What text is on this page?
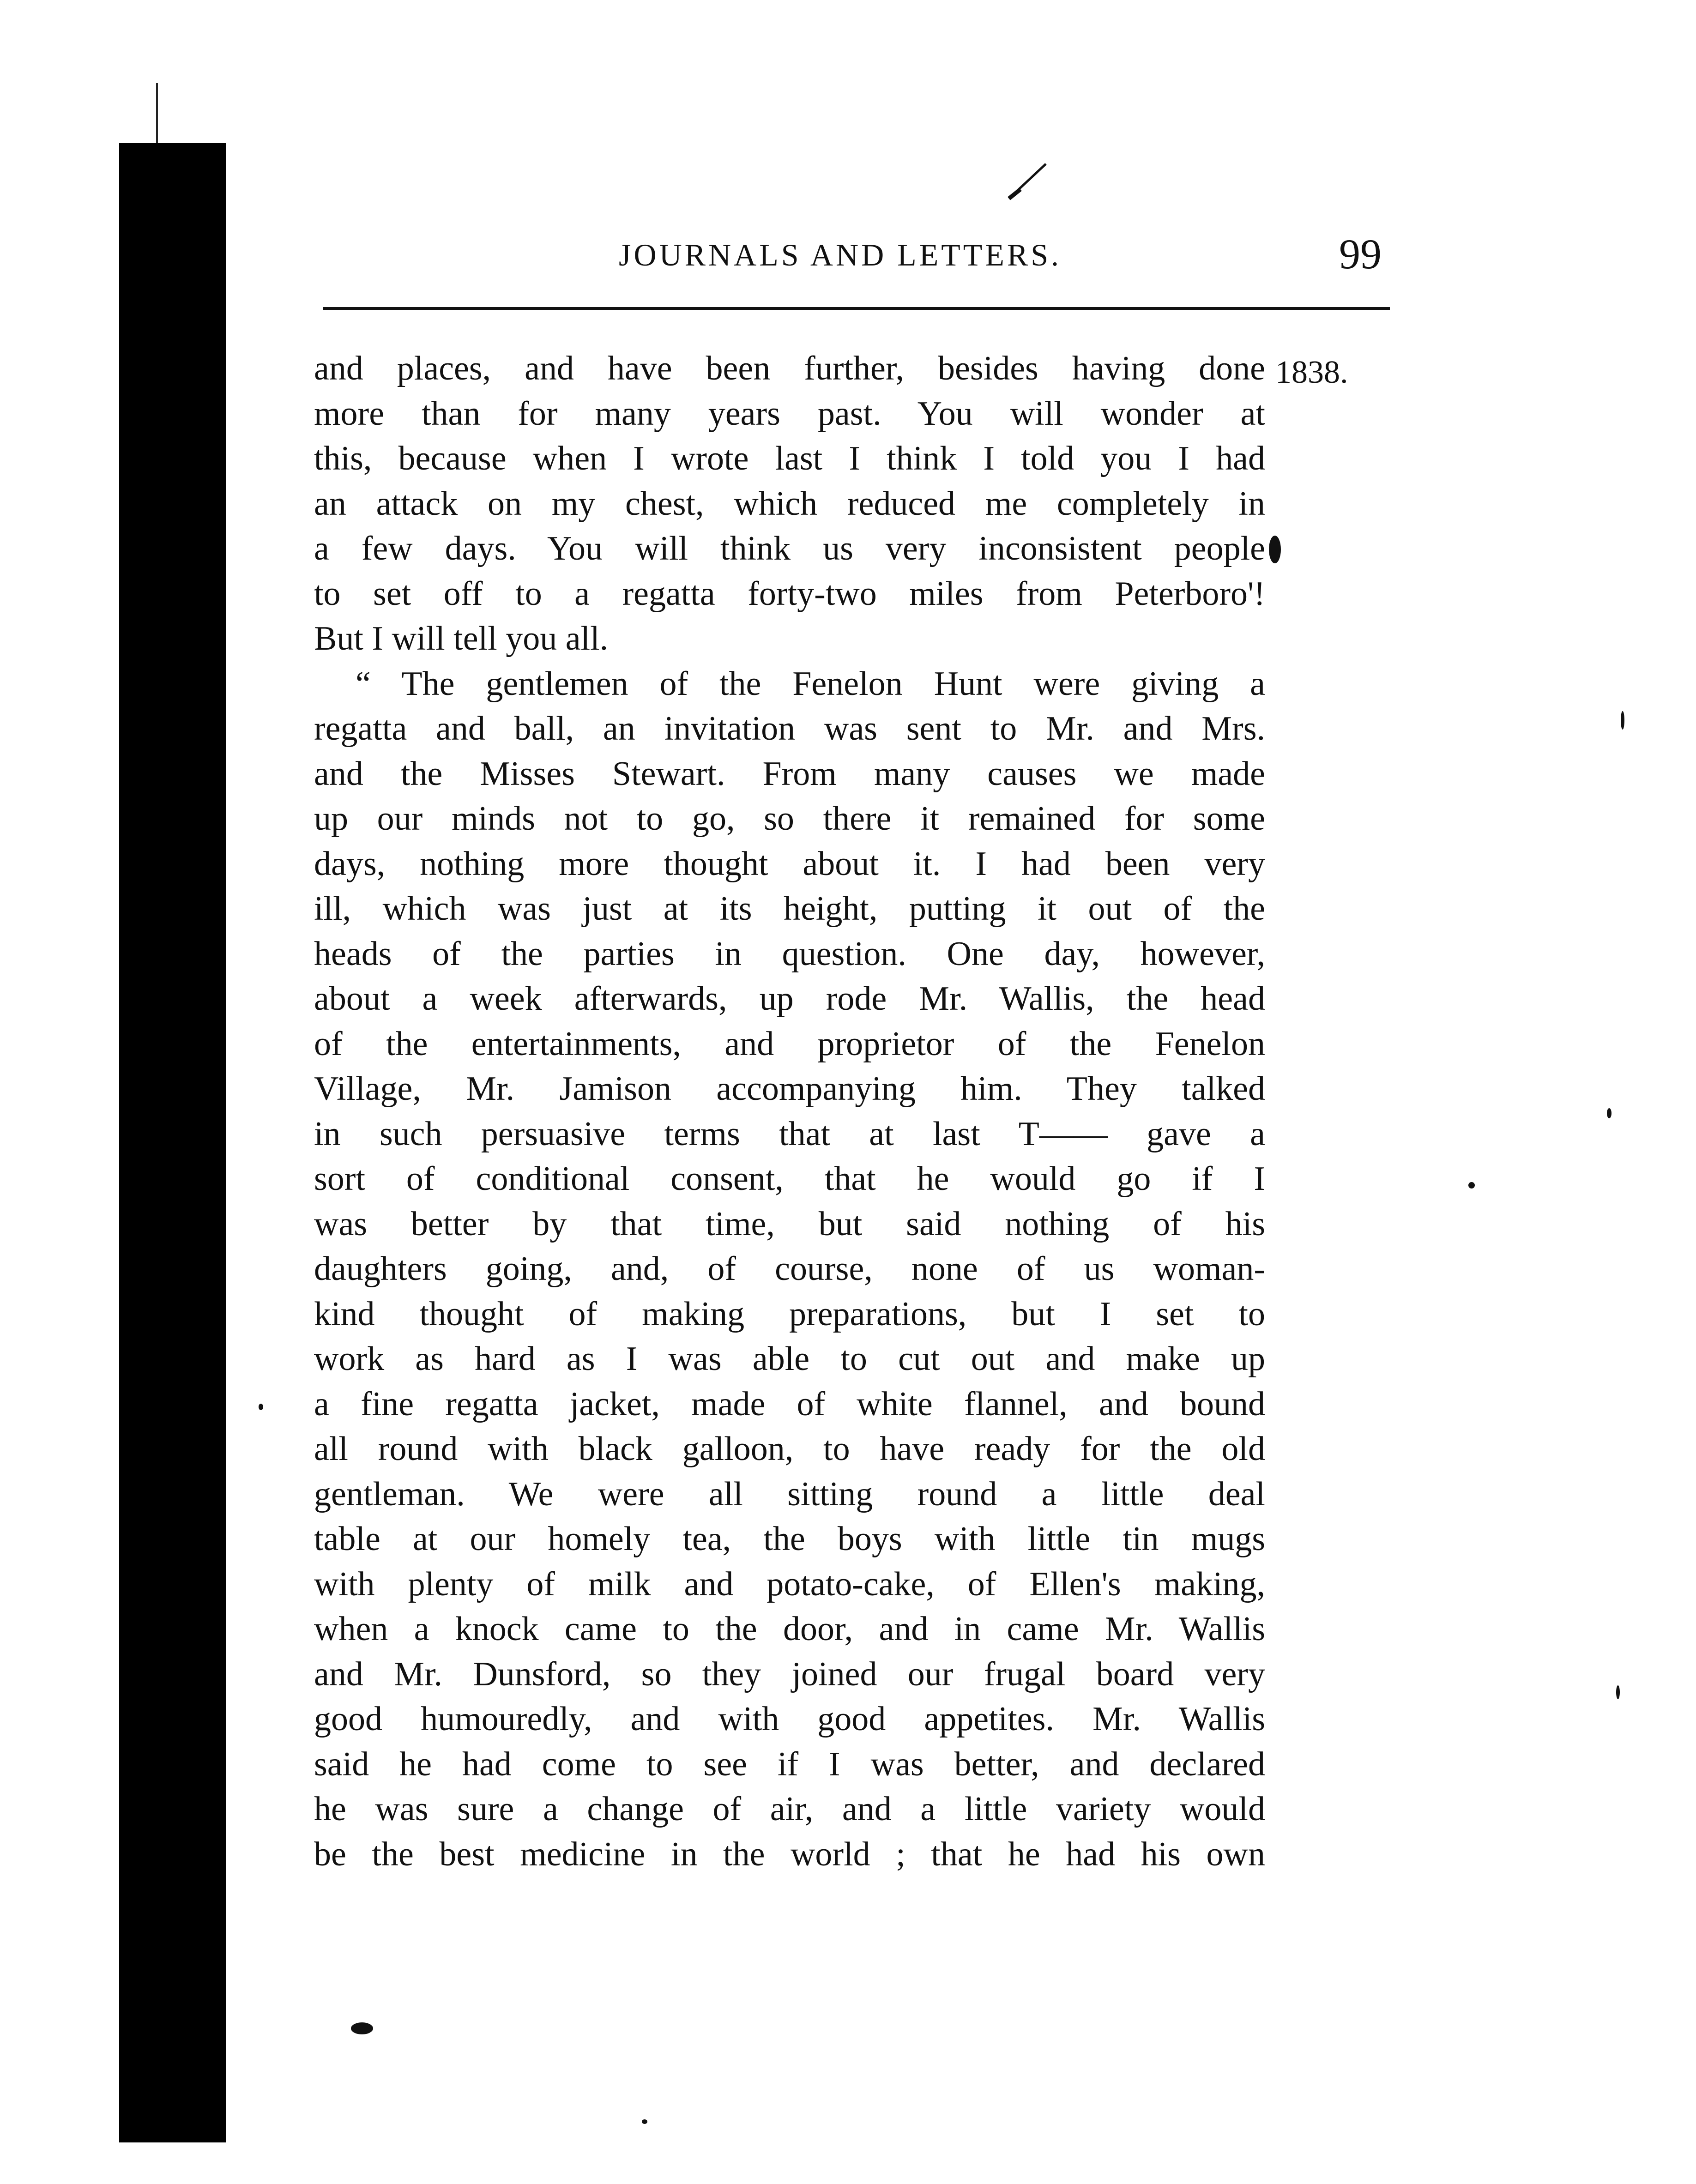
JOURNALS AND LETTERS.	99
1838.
and places, and have been further, besides having done
more than for many years past. You will wonder at
this, because when I wrote last I think I told you I had
an attack on my chest, which reduced me completely in
a few days. You will think us very inconsistent people
to set off to a regatta forty-two miles from Peterboro'!
But I will tell you all.
“ The gentlemen of the Fenelon Hunt were giving a
regatta and ball, an invitation was sent to Mr. and Mrs.
and the Misses Stewart. From many causes we made
up our minds not to go, so there it remained for some
days, nothing more thought about it. I had been very
ill, which was just at its height, putting it out of the
heads of the parties in question. One day, however,
about a week afterwards, up rode Mr. Wallis, the head
of the entertainments, and proprietor of the Fenelon
Village, Mr. Jamison accompanying him. They talked
in such persuasive terms that at last T—— gave a
sort of conditional consent, that he would go if I
was better by that time, but said nothing of his
daughters going, and, of course, none of us woman-
kind thought of making preparations, but I set to
work as hard as I was able to cut out and make up
a fine regatta jacket, made of white flannel, and bound
all round with black galloon, to have ready for the old
gentleman. We were all sitting round a little deal
table at our homely tea, the boys with little tin mugs
with plenty of milk and potato-cake, of Ellen's making,
when a knock came to the door, and in came Mr. Wallis
and Mr. Dunsford, so they joined our frugal board very
good humouredly, and with good appetites. Mr. Wallis
said he had come to see if I was better, and declared
he was sure a change of air, and a little variety would
be the best medicine in the world ; that he had his own
